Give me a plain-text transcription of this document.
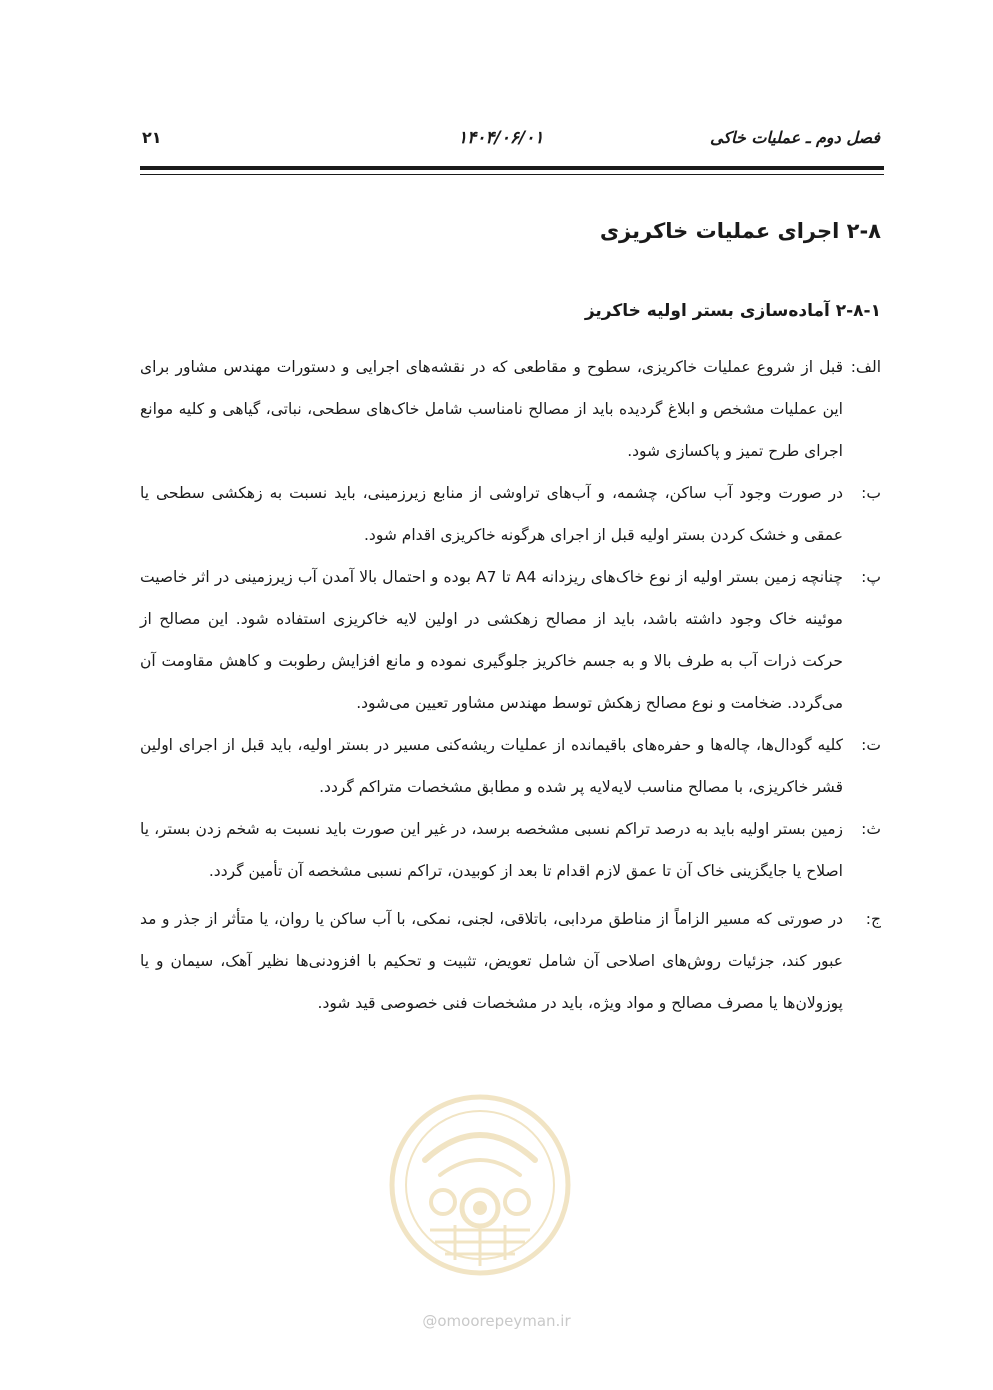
فصل دوم ـ عملیات خاکی
۱۴۰۴/۰۶/۰۱
۲۱
۲-۸ اجرای عملیات خاکریزی
۲-۸-۱ آماده‌سازی بستر اولیه خاکریز
الف:
قبل از شروع عملیات خاکریزی، سطوح و مقاطعی که در نقشه‌های اجرایی و دستورات مهندس مشاور برای این عملیات مشخص و ابلاغ گردیده باید از مصالح نامناسب شامل خاک‌های سطحی، نباتی، گیاهی و کلیه موانع اجرای طرح تمیز و پاکسازی شود.
ب:
در صورت وجود آب ساکن، چشمه، و آب‌های تراوشی از منابع زیرزمینی، باید نسبت به زهکشی سطحی یا عمقی و خشک کردن بستر اولیه قبل از اجرای هرگونه خاکریزی اقدام شود.
پ:
چنانچه زمین بستر اولیه از نوع خاک‌های ریزدانه A4 تا A7 بوده و احتمال بالا آمدن آب زیرزمینی در اثر خاصیت موئینه خاک وجود داشته باشد، باید از مصالح زهکشی در اولین لایه خاکریزی استفاده شود. این مصالح از حرکت ذرات آب به طرف بالا و به جسم خاکریز جلوگیری نموده و مانع افزایش رطوبت و کاهش مقاومت آن می‌گردد. ضخامت و نوع مصالح زهکش توسط مهندس مشاور تعیین می‌شود.
ت:
کلیه گودال‌ها، چاله‌ها و حفره‌های باقیمانده از عملیات ریشه‌کنی مسیر در بستر اولیه، باید قبل از اجرای اولین قشر خاکریزی، با مصالح مناسب لایه‌لایه پر شده و مطابق مشخصات متراکم گردد.
ث:
زمین بستر اولیه باید به درصد تراکم نسبی مشخصه برسد، در غیر این صورت باید نسبت به شخم زدن بستر، یا اصلاح یا جایگزینی خاک آن تا عمق لازم اقدام تا بعد از کوبیدن، تراکم نسبی مشخصه آن تأمین گردد.
ج:
در صورتی که مسیر الزاماً از مناطق مردابی، باتلاقی، لجنی، نمکی، با آب ساکن یا روان، یا متأثر از جذر و مد عبور کند، جزئیات روش‌های اصلاحی آن شامل تعویض، تثبیت و تحکیم با افزودنی‌ها نظیر آهک، سیمان و یا پوزولان‌ها یا مصرف مصالح و مواد ویژه، باید در مشخصات فنی خصوصی قید شود.
@omoorepeyman.ir
